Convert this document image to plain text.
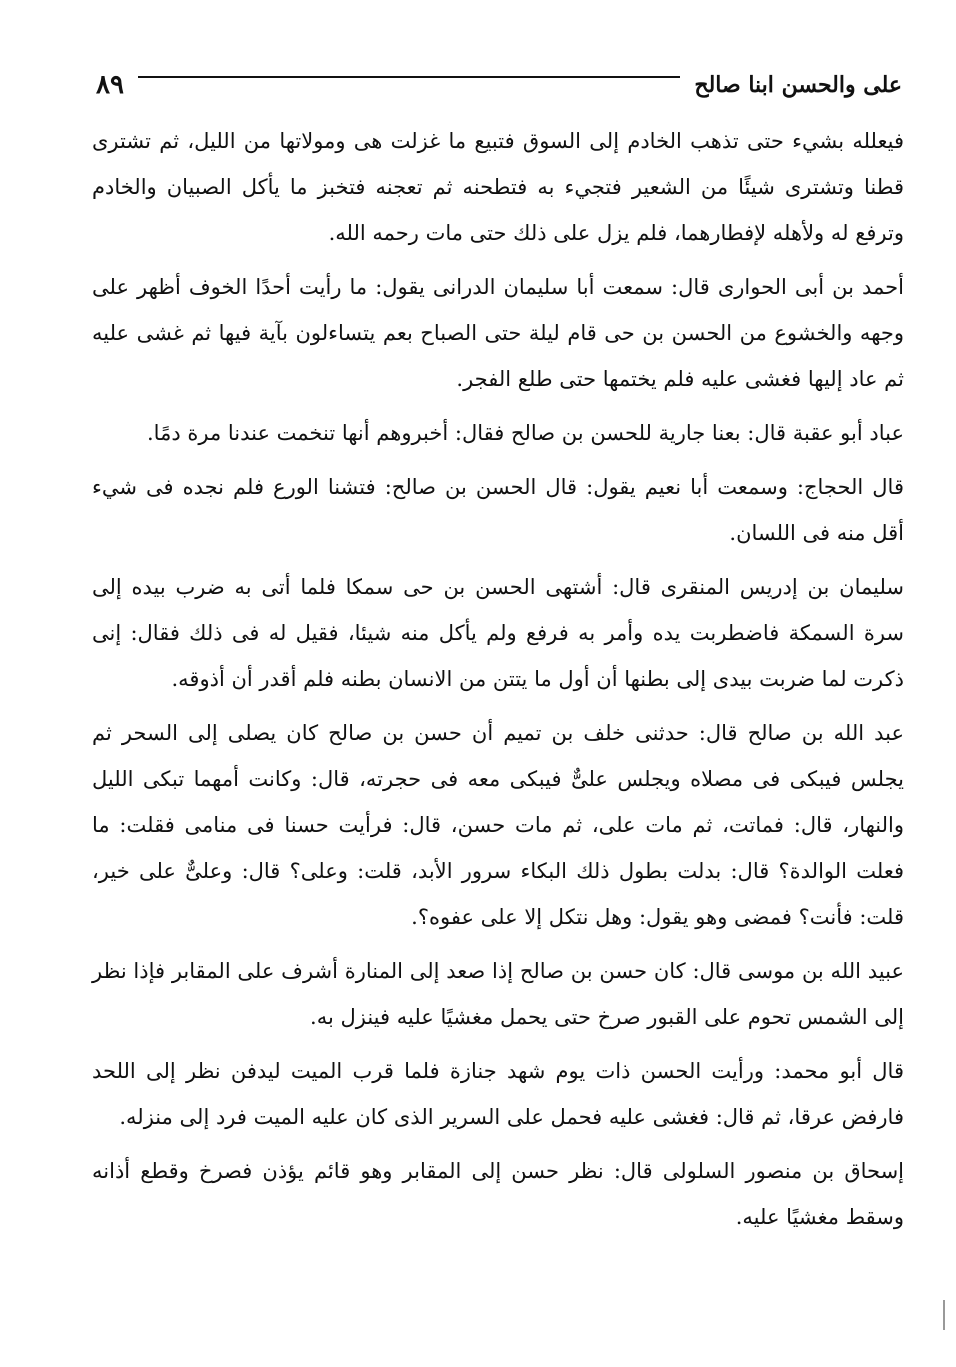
على والحسن ابنا صالح
٨٩

فيعلله بشيء حتى تذهب الخادم إلى السوق فتبيع ما غزلت هى ومولاتها من الليل، ثم تشترى قطنا وتشترى شيئًا من الشعير فتجيء به فتطحنه ثم تعجنه فتخبز ما يأكل الصبيان والخادم وترفع له ولأهله لإفطارهما، فلم يزل على ذلك حتى مات رحمه الله.

أحمد بن أبى الحوارى قال: سمعت أبا سليمان الدرانى يقول: ما رأيت أحدًا الخوف أظهر على وجهه والخشوع من الحسن بن حى قام ليلة حتى الصباح بعم يتساءلون بآية فيها ثم غشى عليه ثم عاد إليها فغشى عليه فلم يختمها حتى طلع الفجر.

عباد أبو عقبة قال: بعنا جارية للحسن بن صالح فقال: أخبروهم أنها تنخمت عندنا مرة دمًا.

قال الحجاج: وسمعت أبا نعيم يقول: قال الحسن بن صالح: فتشنا الورع فلم نجده فى شيء أقل منه فى اللسان.

سليمان بن إدريس المنقرى قال: أشتهى الحسن بن حى سمكا فلما أتى به ضرب بيده إلى سرة السمكة فاضطربت يده وأمر به فرفع ولم يأكل منه شيئا، فقيل له فى ذلك فقال: إنى ذكرت لما ضربت بيدى إلى بطنها أن أول ما يتتن من الانسان بطنه فلم أقدر أن أذوقه.

عبد الله بن صالح قال: حدثنى خلف بن تميم أن حسن بن صالح كان يصلى إلى السحر ثم يجلس فيبكى فى مصلاه ويجلس علىٌّ فيبكى معه فى حجرته، قال: وكانت أمهما تبكى الليل والنهار، قال: فماتت، ثم مات على، ثم مات حسن، قال: فرأيت حسنا فى منامى فقلت: ما فعلت الوالدة؟ قال: بدلت بطول ذلك البكاء سرور الأبد، قلت: وعلى؟ قال: وعلىٌّ على خير، قلت: فأنت؟ فمضى وهو يقول: وهل نتكل إلا على عفوه؟.

عبيد الله بن موسى قال: كان حسن بن صالح إذا صعد إلى المنارة أشرف على المقابر فإذا نظر إلى الشمس تحوم على القبور صرخ حتى يحمل مغشيًا عليه فينزل به.

قال أبو محمد: ورأيت الحسن ذات يوم شهد جنازة فلما قرب الميت ليدفن نظر إلى اللحد فارفض عرقا، ثم قال: فغشى عليه فحمل على السرير الذى كان عليه الميت فرد إلى منزله.

إسحاق بن منصور السلولى قال: نظر حسن إلى المقابر وهو قائم يؤذن فصرخ وقطع أذانه وسقط مغشيًا عليه.
